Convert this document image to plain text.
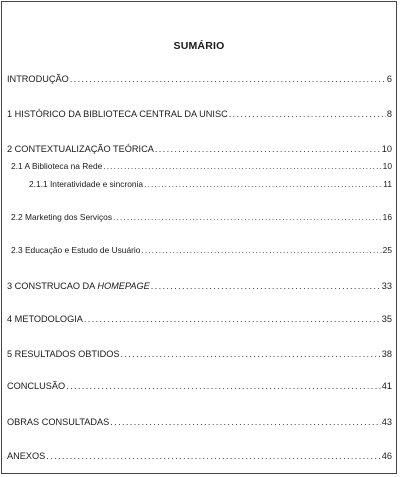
SUMÁRIO
INTRODUÇÃO . . .	6
1 HISTÓRICO DA BIBLIOTECA CENTRAL DA UNISC . . .	8
2 CONTEXTUALIZAÇÃO TEÓRICA . . .	10
2.1 A Biblioteca na Rede . . .	10
2.1.1 Interatividade e sincronia . . .	11
2.2 Marketing dos Serviços . . .	16
2.3 Educação e Estudo de Usuário . . .	25
3 CONSTRUCAO DA HOMEPAGE . . .	33
4 METODOLOGIA . . .	35
5 RESULTADOS OBTIDOS . . .	38
CONCLUSÃO . . .	41
OBRAS CONSULTADAS . . .	43
ANEXOS . . .	46
